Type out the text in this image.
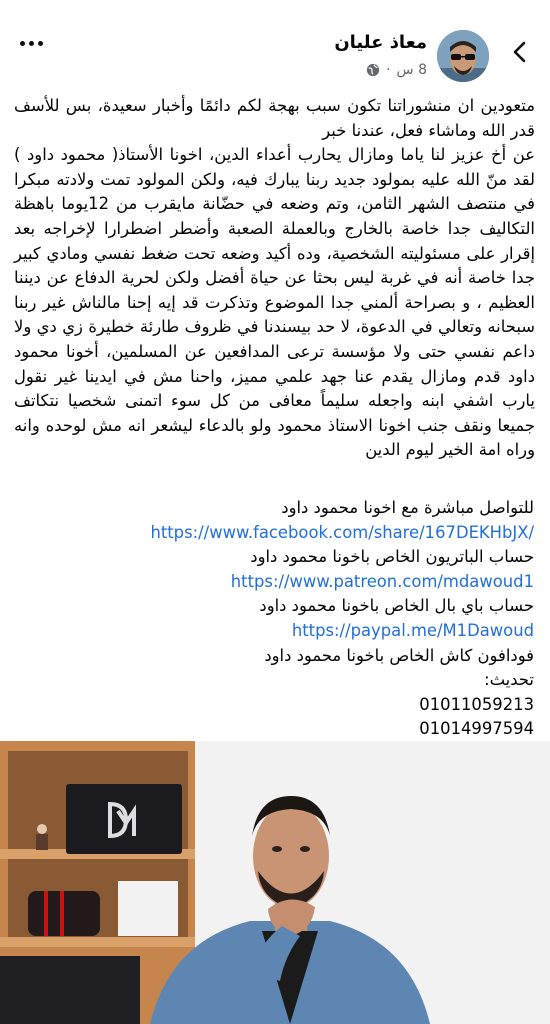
معاذ عليان
8 س
·

متعودين ان منشوراتنا تكون سبب بهجة لكم دائمًا وأخبار سعيدة، بس للأسف قدر الله وماشاء فعل، عندنا خبر

عن أخ عزيز لنا ياما ومازال يحارب أعداء الدين، اخونا الأستاذ( محمود داود ) لقد منّ الله عليه بمولود جديد ربنا يبارك فيه، ولكن المولود تمت ولادته مبكرا في منتصف الشهر الثامن، وتم وضعه في حضّانة مايقرب من 12يوما باهظة التكاليف جدا خاصة بالخارج وبالعملة الصعبة وأضطر اضطرارا لإخراجه بعد إقرار على مسئوليته الشخصية، وده أكيد وضعه تحت ضغط نفسي ومادي كبير جدا خاصة أنه في غربة ليس بحثا عن حياة أفضل ولكن لحرية الدفاع عن ديننا العظيم ، و بصراحة ألمني جدا الموضوع وتذكرت قد إيه إحنا مالناش غير ربنا سبحانه وتعالي في الدعوة، لا حد بيسندنا في ظروف طارئة خطيرة زي دي ولا داعم نفسي حتى ولا مؤسسة ترعى المدافعين عن المسلمين، أخونا محمود داود قدم ومازال يقدم عنا جهد علمي مميز، واحنا مش في ايدينا غير نقول يارب اشفي ابنه واجعله سليماً معافى من كل سوء اتمنى شخصيا نتكاتف جميعا ونقف جنب اخونا الاستاذ محمود ولو بالدعاء ليشعر انه مش لوحده وانه وراه امة الخير ليوم الدين

للتواصل مباشرة مع اخونا محمود داود
https://www.facebook.com/share/167DEKHbJX/
حساب الباتريون الخاص باخونا محمود داود
https://www.patreon.com/mdawoud1
حساب باي بال الخاص باخونا محمود داود
https://paypal.me/M1Dawoud
فودافون كاش الخاص باخونا محمود داود
تحديث:
01011059213
01014997594
